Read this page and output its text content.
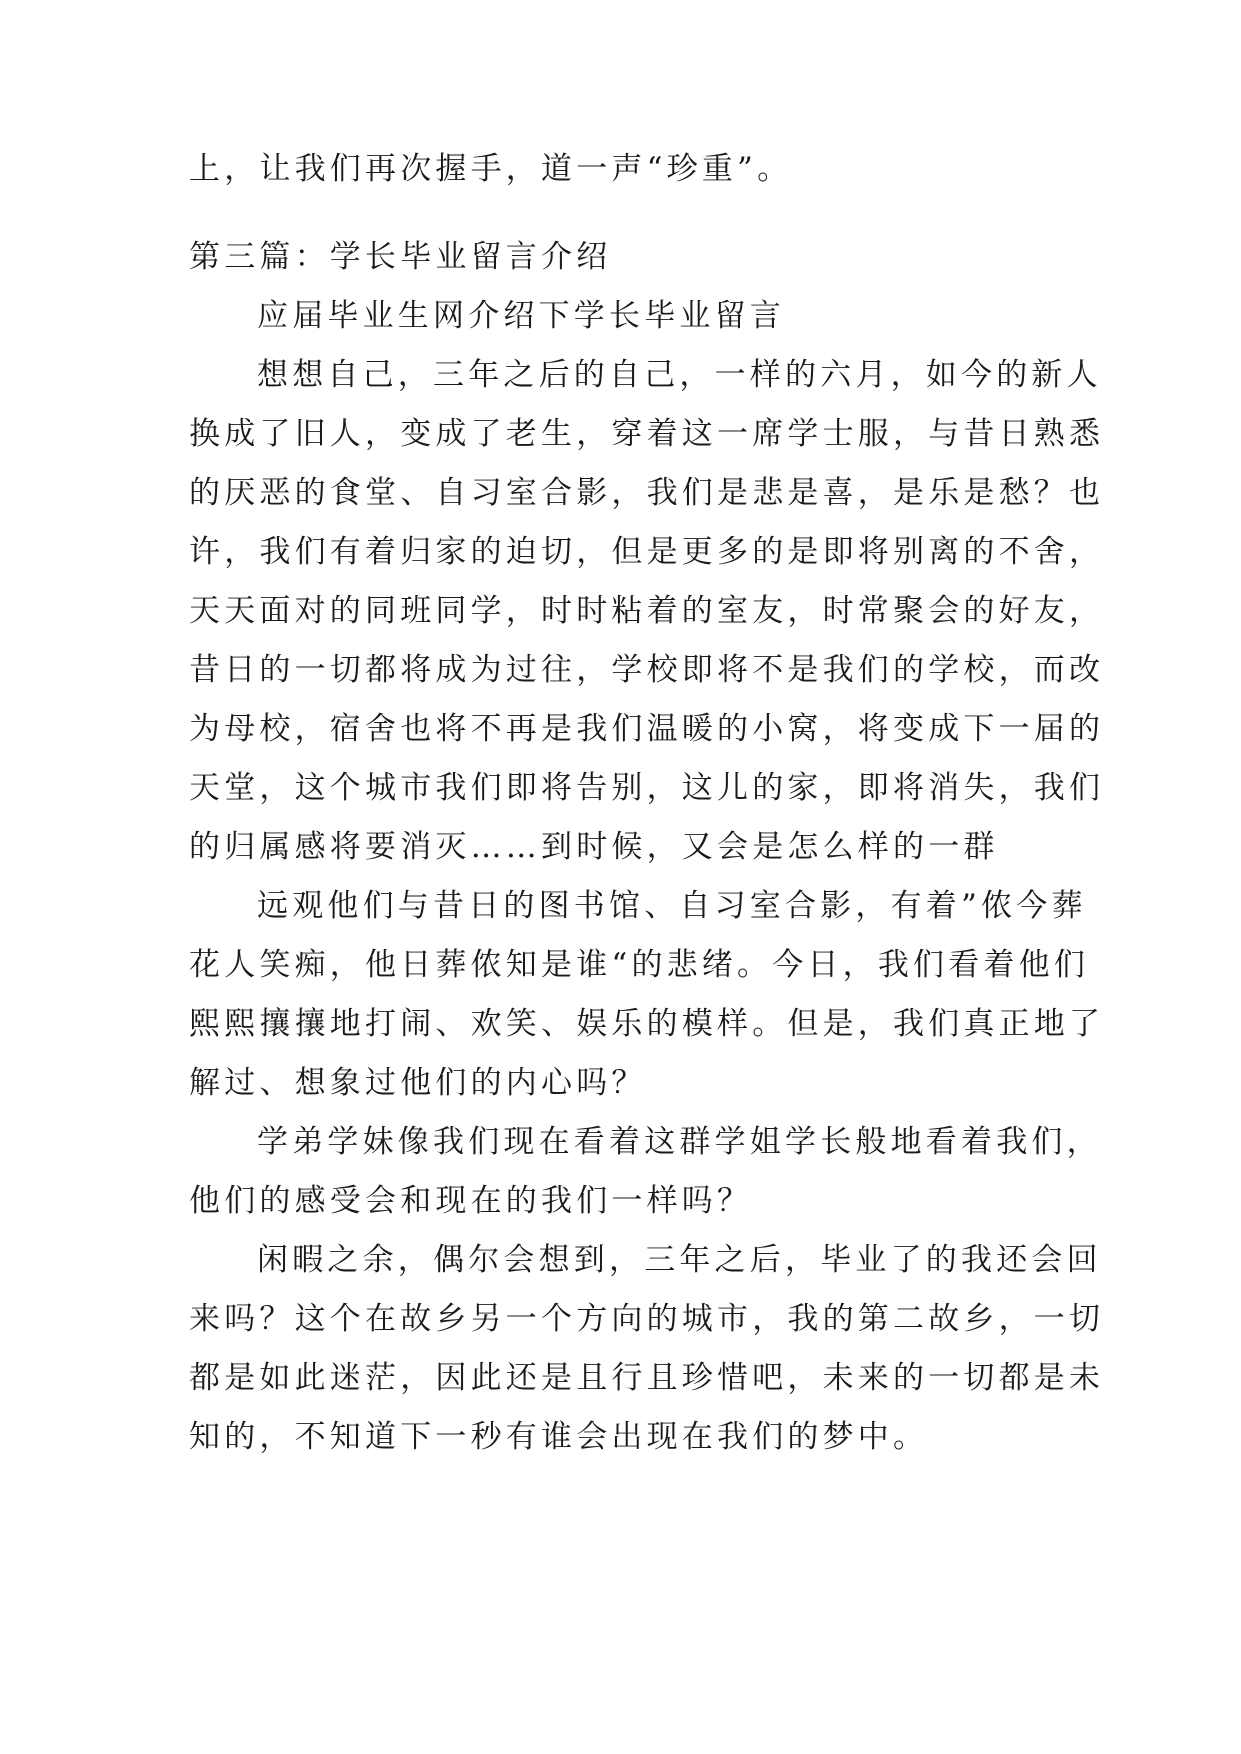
上，让我们再次握手，道一声“珍重”。
第三篇：学长毕业留言介绍
应届毕业生网介绍下学长毕业留言
想想自己，三年之后的自己，一样的六月，如今的新人
换成了旧人，变成了老生，穿着这一席学士服，与昔日熟悉
的厌恶的食堂、自习室合影，我们是悲是喜，是乐是愁？也
许，我们有着归家的迫切，但是更多的是即将别离的不舍，
天天面对的同班同学，时时粘着的室友，时常聚会的好友，
昔日的一切都将成为过往，学校即将不是我们的学校，而改
为母校，宿舍也将不再是我们温暖的小窝，将变成下一届的
天堂，这个城市我们即将告别，这儿的家，即将消失，我们
的归属感将要消灭……到时候，又会是怎么样的一群
远观他们与昔日的图书馆、自习室合影，有着”侬今葬
花人笑痴，他日葬侬知是谁“的悲绪。今日，我们看着他们
熙熙攘攘地打闹、欢笑、娱乐的模样。但是，我们真正地了
解过、想象过他们的内心吗？
学弟学妹像我们现在看着这群学姐学长般地看着我们，
他们的感受会和现在的我们一样吗？
闲暇之余，偶尔会想到，三年之后，毕业了的我还会回
来吗？这个在故乡另一个方向的城市，我的第二故乡，一切
都是如此迷茫，因此还是且行且珍惜吧，未来的一切都是未
知的，不知道下一秒有谁会出现在我们的梦中。
